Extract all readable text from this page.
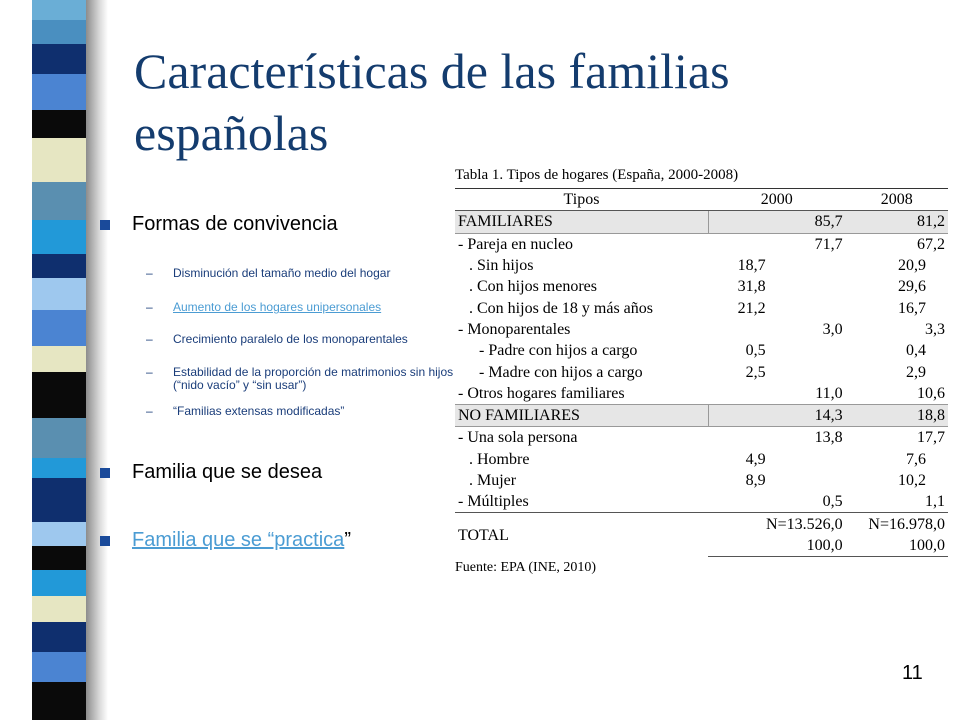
Características de las familias españolas
Formas de convivencia
– Disminución del tamaño medio del hogar
– Aumento de los hogares unipersonales
– Crecimiento paralelo de los monoparentales
– Estabilidad de la proporción de matrimonios sin hijos (“nido vacío” y “sin usar”)
– “Familias extensas modificadas”
Familia que se desea
Familia que se “practica”
Tabla 1. Tipos de hogares (España, 2000-2008)
Tipos	2000	2008
FAMILIARES	85,7	81,2
- Pareja en nucleo	71,7	67,2
. Sin hijos	18,7	20,9
. Con hijos menores	31,8	29,6
. Con hijos de 18 y más años	21,2	16,7
- Monoparentales	3,0	3,3
- Padre con hijos a cargo	0,5	0,4
- Madre con hijos a cargo	2,5	2,9
- Otros hogares familiares	11,0	10,6
NO FAMILIARES	14,3	18,8
- Una sola persona	13,8	17,7
. Hombre	4,9	7,6
. Mujer	8,9	10,2
- Múltiples	0,5	1,1
TOTAL	N=13.526,0	N=16.978,0
	100,0	100,0
Fuente: EPA (INE, 2010)
11
